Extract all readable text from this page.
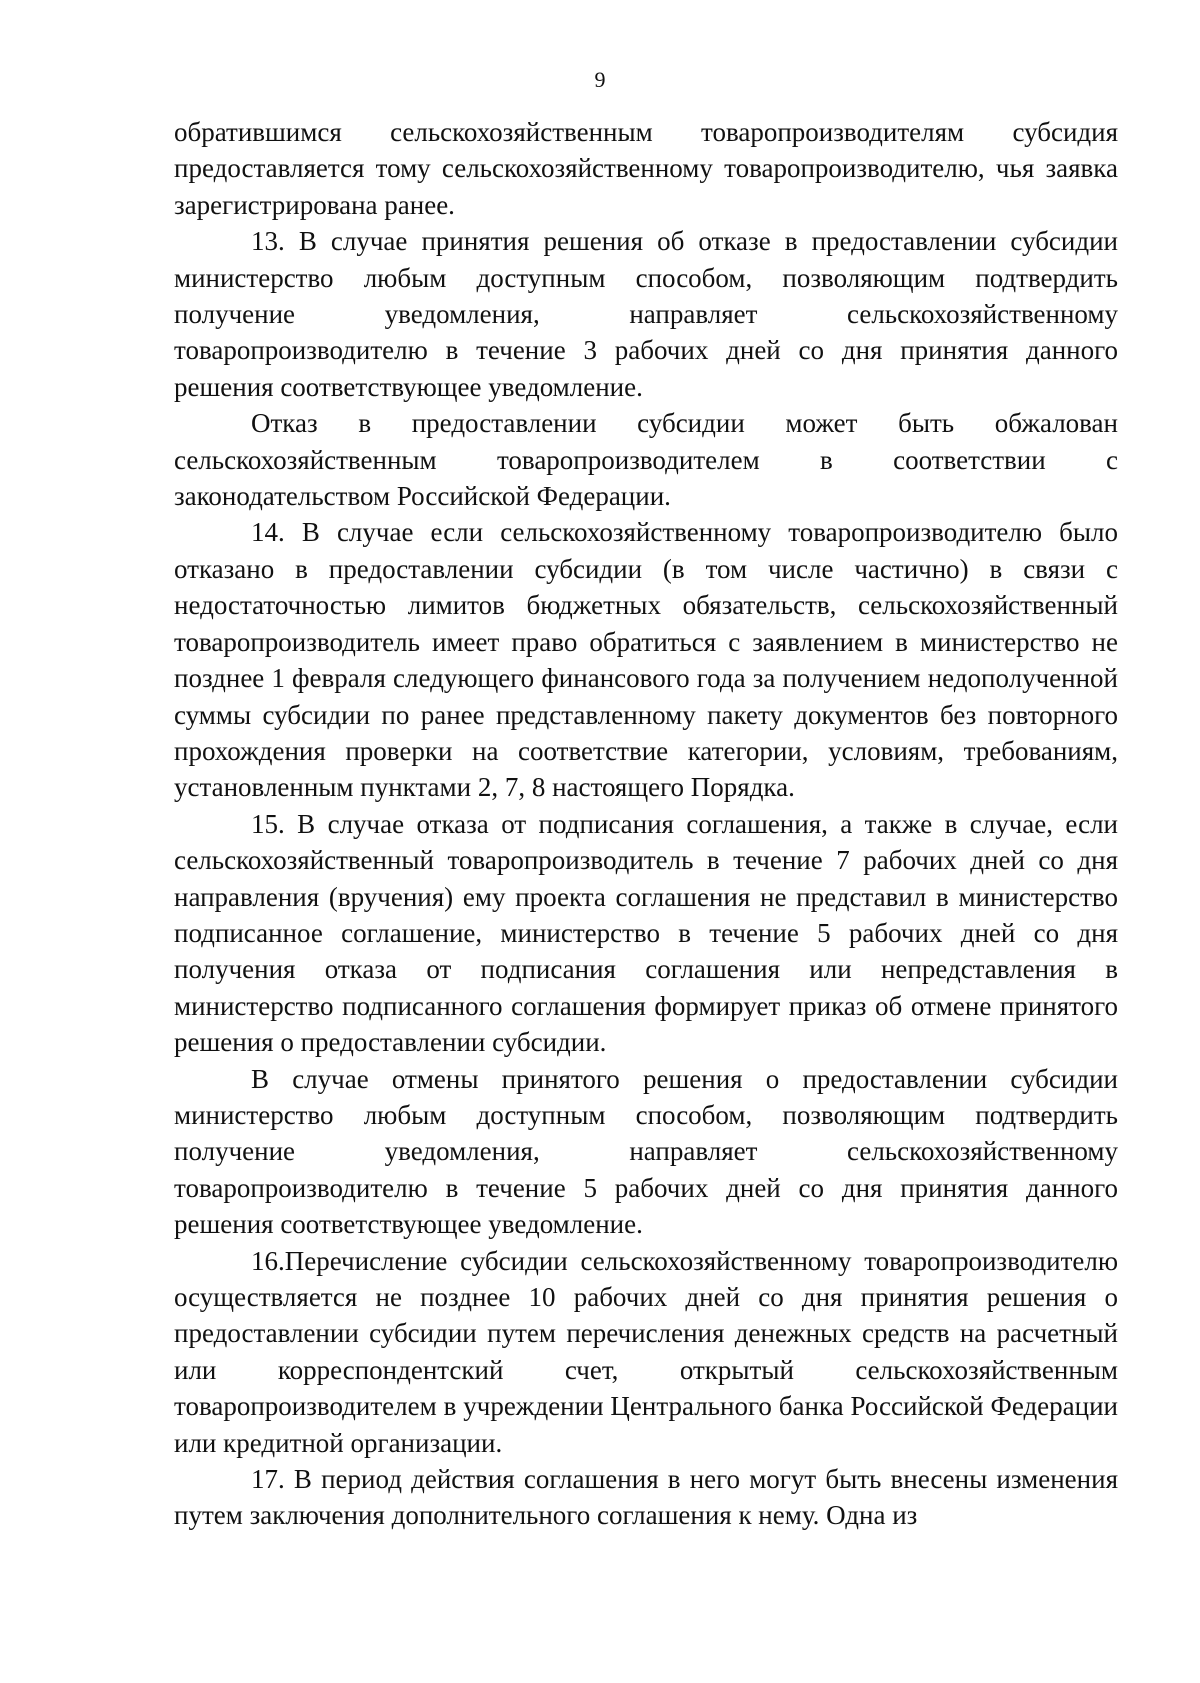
9

обратившимся сельскохозяйственным товаропроизводителям субсидия предоставляется тому сельскохозяйственному товаропроизводителю, чья заявка зарегистрирована ранее.

13. В случае принятия решения об отказе в предоставлении субсидии министерство любым доступным способом, позволяющим подтвердить получение уведомления, направляет сельскохозяйственному товаропроизводителю в течение 3 рабочих дней со дня принятия данного решения соответствующее уведомление.

Отказ в предоставлении субсидии может быть обжалован сельскохозяйственным товаропроизводителем в соответствии с законодательством Российской Федерации.

14. В случае если сельскохозяйственному товаропроизводителю было отказано в предоставлении субсидии (в том числе частично) в связи с недостаточностью лимитов бюджетных обязательств, сельскохозяйственный товаропроизводитель имеет право обратиться с заявлением в министерство не позднее 1 февраля следующего финансового года за получением недополученной суммы субсидии по ранее представленному пакету документов без повторного прохождения проверки на соответствие категории, условиям, требованиям, установленным пунктами 2, 7, 8 настоящего Порядка.

15. В случае отказа от подписания соглашения, а также в случае, если сельскохозяйственный товаропроизводитель в течение 7 рабочих дней со дня направления (вручения) ему проекта соглашения не представил в министерство подписанное соглашение, министерство в течение 5 рабочих дней со дня получения отказа от подписания соглашения или непредставления в министерство подписанного соглашения формирует приказ об отмене принятого решения о предоставлении субсидии.

В случае отмены принятого решения о предоставлении субсидии министерство любым доступным способом, позволяющим подтвердить получение уведомления, направляет сельскохозяйственному товаропроизводителю в течение 5 рабочих дней со дня принятия данного решения соответствующее уведомление.

16.Перечисление субсидии сельскохозяйственному товаропроизводителю осуществляется не позднее 10 рабочих дней со дня принятия решения о предоставлении субсидии путем перечисления денежных средств на расчетный или корреспондентский счет, открытый сельскохозяйственным товаропроизводителем в учреждении Центрального банка Российской Федерации или кредитной организации.

17. В период действия соглашения в него могут быть внесены изменения путем заключения дополнительного соглашения к нему. Одна из
